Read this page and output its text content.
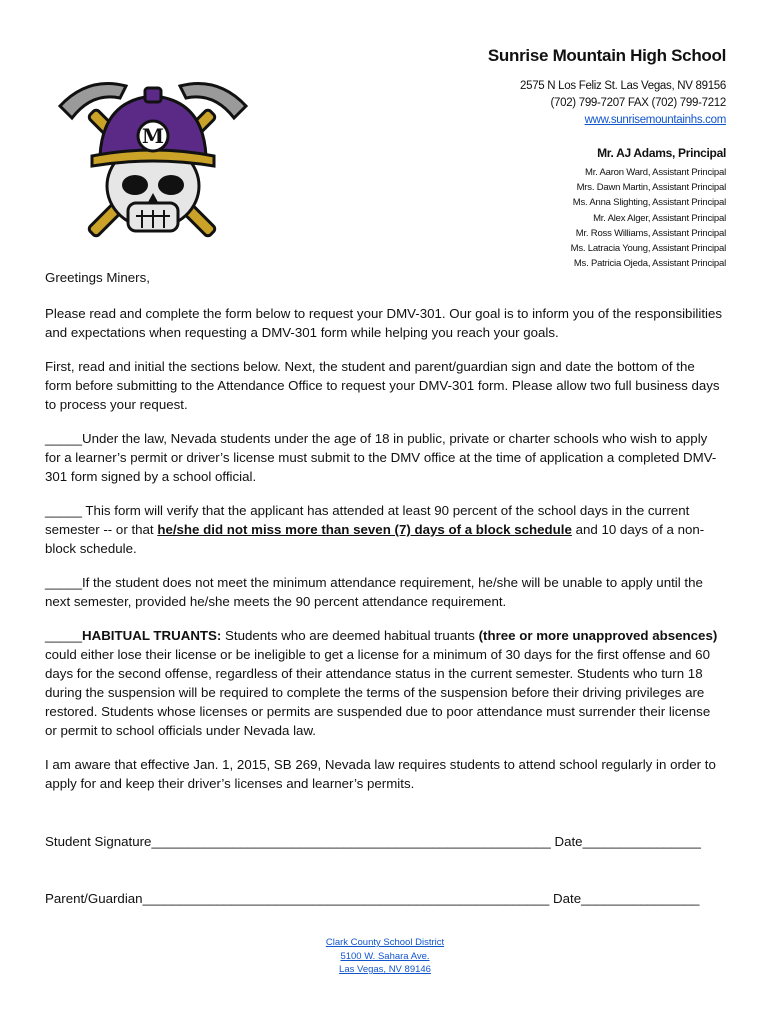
M
Sunrise Mountain High School
2575 N Los Feliz St. Las Vegas, NV 89156
(702) 799-7207 FAX (702) 799-7212
www.sunrisemountainhs.com
Mr. AJ Adams, Principal
Mr. Aaron Ward, Assistant Principal
Mrs. Dawn Martin, Assistant Principal
Ms. Anna Slighting, Assistant Principal
Mr. Alex Alger, Assistant Principal
Mr. Ross Williams, Assistant Principal
Ms. Latracia Young, Assistant Principal
Ms. Patricia Ojeda, Assistant Principal

Greetings Miners,

Please read and complete the form below to request your DMV-301. Our goal is to inform you of the responsibilities and expectations when requesting a DMV-301 form while helping you reach your goals.

First, read and initial the sections below. Next, the student and parent/guardian sign and date the bottom of the form before submitting to the Attendance Office to request your DMV-301 form. Please allow two full business days to process your request.

_____Under the law, Nevada students under the age of 18 in public, private or charter schools who wish to apply for a learner’s permit or driver’s license must submit to the DMV office at the time of application a completed DMV-301 form signed by a school official.

_____ This form will verify that the applicant has attended at least 90 percent of the school days in the current semester -- or that he/she did not miss more than seven (7) days of a block schedule and 10 days of a non-block schedule.

_____If the student does not meet the minimum attendance requirement, he/she will be unable to apply until the next semester, provided he/she meets the 90 percent attendance requirement.

_____HABITUAL TRUANTS: Students who are deemed habitual truants (three or more unapproved absences) could either lose their license or be ineligible to get a license for a minimum of 30 days for the first offense and 60 days for the second offense, regardless of their attendance status in the current semester. Students who turn 18 during the suspension will be required to complete the terms of the suspension before their driving privileges are restored. Students whose licenses or permits are suspended due to poor attendance must surrender their license or permit to school officials under Nevada law.

I am aware that effective Jan. 1, 2015, SB 269, Nevada law requires students to attend school regularly in order to apply for and keep their driver’s licenses and learner’s permits.

Student Signature______________________________________________________ Date________________
Parent/Guardian_______________________________________________________ Date________________
Clark County School District
5100 W. Sahara Ave.
Las Vegas, NV 89146
